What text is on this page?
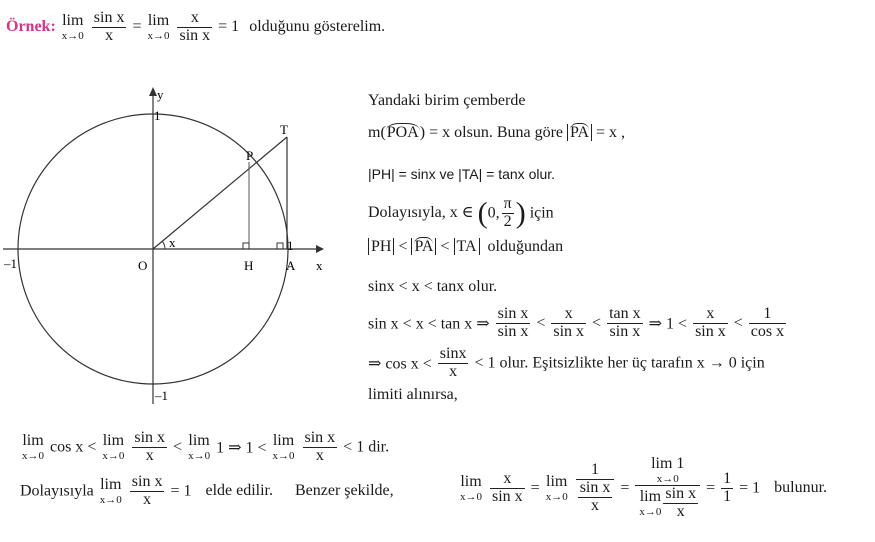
Örnek: lim
x→0
$\frac{\text{sin x}}{x} = \lim$
x→0
$\frac{x}{\text{sin x}} = 1$ olduğunu gösterelim.
y
x
1
1
–1
–1
O	H	A
P
T
x
Yandaki birim çemberde
m(POA) = x olsun. Buna göre PA = x ,
|PH| = sinx ve |TA| = tanx olur.
Dolayısıyla, x ∈ (0, $\frac{\pi}{2}$ ) için
PH < PA < TA olduğundan
sinx < x < tanx olur.
sin x < x < tan x ⇒ $\frac{\text{sin x}}{\text{sin x}} < \frac{x}{\text{sin x}} < \frac{\text{tan x}}{\text{sin x}}$ ⇒ $1 < \frac{x}{\text{sin x}} < \frac{1}{\text{cos x}}$
⇒ $\cos x < \frac{\sin x}{x} < 1$ olur. Eşitsizlikte her üç tarafın x → 0 için
limiti alınırsa,
lim
x→0
cos x < lim
x→0
$\frac{\text{sin x}}{x} < \lim$
x→0 1 ⇒ 1 < lim
x→0
$\frac{\text{sin x}}{x} < 1$ dir.
Dolayısıyla lim
x→0
$\frac{\text{sin x}}{x} = 1$ elde edilir. Benzer şekilde,
lim
x→0
$\frac{x}{\text{sin x}} = \lim$
x→0
$\frac{1}{\frac{\text{sin x}}{x}} = \lim 1$
x→0
lim
$x\to 0 \frac{\text{sin x}}{x} = \frac{1}{1} = 1$ bulunur.
